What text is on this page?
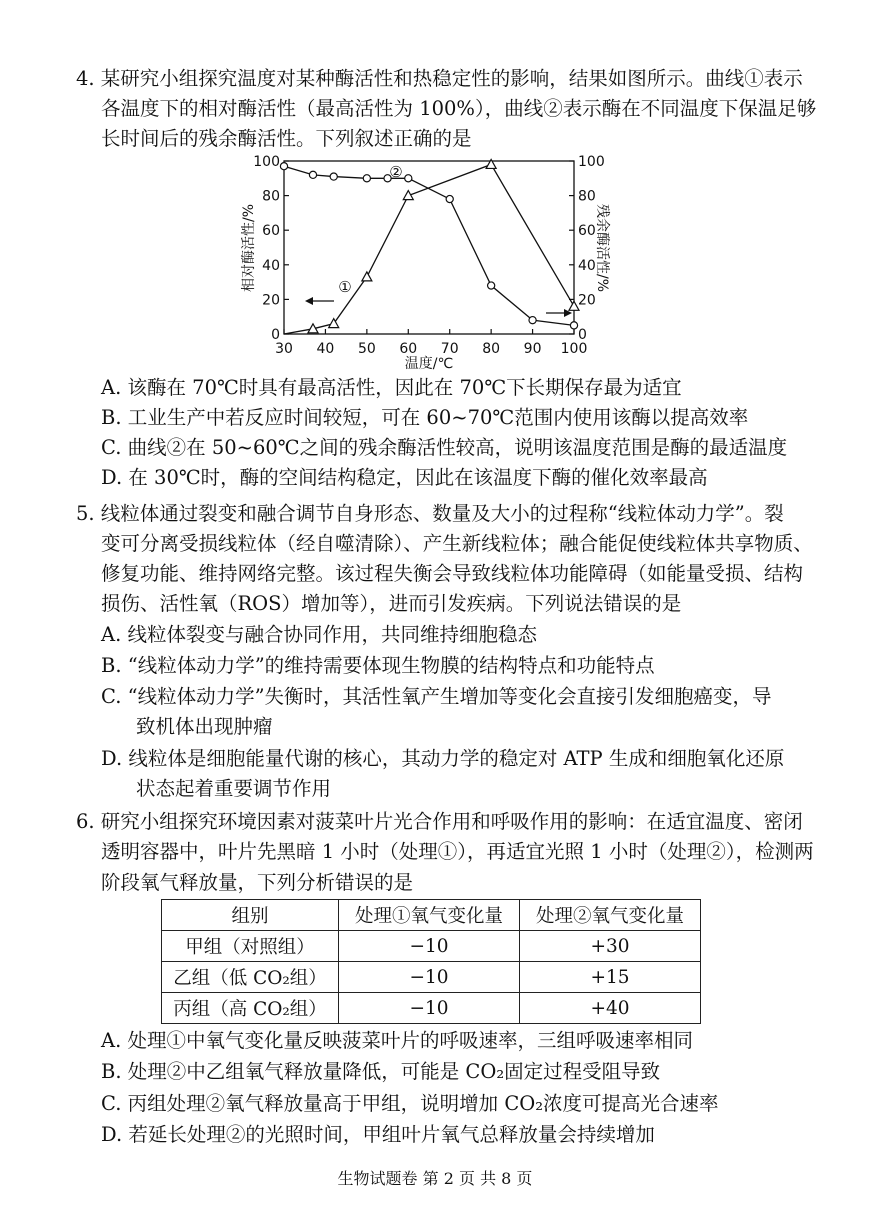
4. 某研究小组探究温度对某种酶活性和热稳定性的影响，结果如图所示。曲线①表示
各温度下的相对酶活性（最高活性为 100%），曲线②表示酶在不同温度下保温足够
长时间后的残余酶活性。下列叙述正确的是
30 40 50 60 70 80 90 100
0	0
20	20
40	40
60	60
80	80
100	100
温度/℃
相对酶活性/%	残余酶活性/%
①
②
A. 该酶在 70℃时具有最高活性，因此在 70℃下长期保存最为适宜
B. 工业生产中若反应时间较短，可在 60~70℃范围内使用该酶以提高效率
C. 曲线②在 50~60℃之间的残余酶活性较高，说明该温度范围是酶的最适温度
D. 在 30℃时，酶的空间结构稳定，因此在该温度下酶的催化效率最高
5. 线粒体通过裂变和融合调节自身形态、数量及大小的过程称“线粒体动力学”。裂
变可分离受损线粒体（经自噬清除）、产生新线粒体；融合能促使线粒体共享物质、
修复功能、维持网络完整。该过程失衡会导致线粒体功能障碍（如能量受损、结构
损伤、活性氧（ROS）增加等），进而引发疾病。下列说法错误的是
A. 线粒体裂变与融合协同作用，共同维持细胞稳态
B. “线粒体动力学”的维持需要体现生物膜的结构特点和功能特点
C. “线粒体动力学”失衡时，其活性氧产生增加等变化会直接引发细胞癌变，导
致机体出现肿瘤
D. 线粒体是细胞能量代谢的核心，其动力学的稳定对 ATP 生成和细胞氧化还原
状态起着重要调节作用
6. 研究小组探究环境因素对菠菜叶片光合作用和呼吸作用的影响：在适宜温度、密闭
透明容器中，叶片先黑暗 1 小时（处理①），再适宜光照 1 小时（处理②），检测两
阶段氧气释放量，下列分析错误的是
组别	处理①氧气变化量	处理②氧气变化量
甲组（对照组）	−10	+30
乙组（低 CO₂组）	−10	+15
丙组（高 CO₂组）	−10	+40
A. 处理①中氧气变化量反映菠菜叶片的呼吸速率，三组呼吸速率相同
B. 处理②中乙组氧气释放量降低，可能是 CO₂固定过程受阻导致
C. 丙组处理②氧气释放量高于甲组，说明增加 CO₂浓度可提高光合速率
D. 若延长处理②的光照时间，甲组叶片氧气总释放量会持续增加
生物试题卷 第 2 页 共 8 页
